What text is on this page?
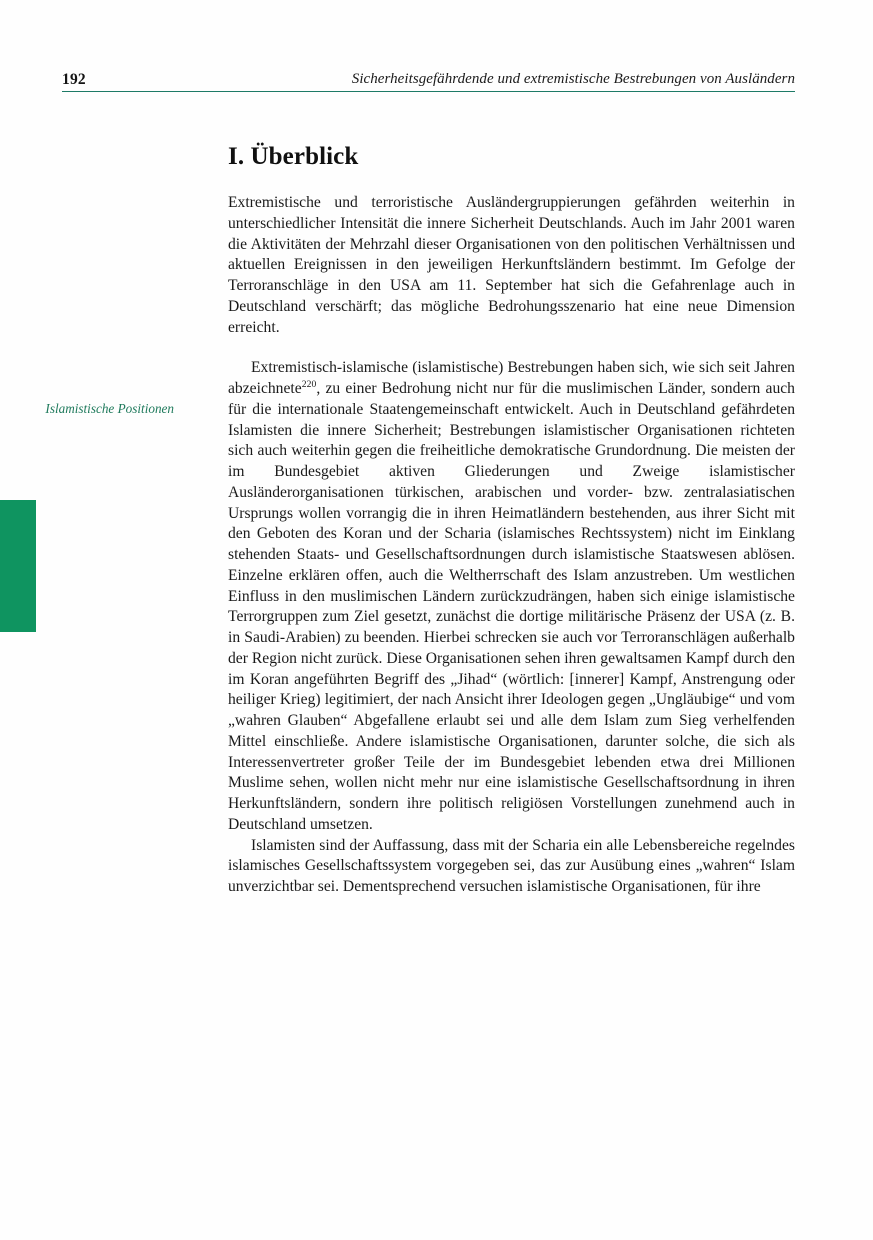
192	Sicherheitsgefährdende und extremistische Bestrebungen von Ausländern
I. Überblick
Islamistische Positionen

Extremistische und terroristische Ausländergruppierungen gefährden weiterhin in unterschiedlicher Intensität die innere Sicherheit Deutschlands. Auch im Jahr 2001 waren die Aktivitäten der Mehrzahl dieser Organisationen von den politischen Verhältnissen und aktuellen Ereignissen in den jeweiligen Herkunftsländern bestimmt. Im Gefolge der Terroranschläge in den USA am 11. September hat sich die Gefahrenlage auch in Deutschland verschärft; das mögliche Bedrohungsszenario hat eine neue Dimension erreicht.

Extremistisch-islamische (islamistische) Bestrebungen haben sich, wie sich seit Jahren abzeichnete$^{220}$, zu einer Bedrohung nicht nur für die muslimischen Länder, sondern auch für die internationale Staatengemeinschaft entwickelt. Auch in Deutschland gefährdeten Islamisten die innere Sicherheit; Bestrebungen islamistischer Organisationen richteten sich auch weiterhin gegen die freiheitliche demokratische Grundordnung. Die meisten der im Bundesgebiet aktiven Gliederungen und Zweige islamistischer Ausländerorganisationen türkischen, arabischen und vorder- bzw. zentralasiatischen Ursprungs wollen vorrangig die in ihren Heimatländern bestehenden, aus ihrer Sicht mit den Geboten des Koran und der Scharia (islamisches Rechtssystem) nicht im Einklang stehenden Staats- und Gesellschaftsordnungen durch islamistische Staatswesen ablösen. Einzelne erklären offen, auch die Weltherrschaft des Islam anzustreben. Um westlichen Einfluss in den muslimischen Ländern zurückzudrängen, haben sich einige islamistische Terrorgruppen zum Ziel gesetzt, zunächst die dortige militärische Präsenz der USA (z. B. in Saudi-Arabien) zu beenden. Hierbei schrecken sie auch vor Terroranschlägen außerhalb der Region nicht zurück. Diese Organisationen sehen ihren gewaltsamen Kampf durch den im Koran angeführten Begriff des „Jihad“ (wörtlich: [innerer] Kampf, Anstrengung oder heiliger Krieg) legitimiert, der nach Ansicht ihrer Ideologen gegen „Ungläubige“ und vom „wahren Glauben“ Abgefallene erlaubt sei und alle dem Islam zum Sieg verhelfenden Mittel einschließe. Andere islamistische Organisationen, darunter solche, die sich als Interessenvertreter großer Teile der im Bundesgebiet lebenden etwa drei Millionen Muslime sehen, wollen nicht mehr nur eine islamistische Gesellschaftsordnung in ihren Herkunftsländern, sondern ihre politisch religiösen Vorstellungen zunehmend auch in Deutschland umsetzen.

Islamisten sind der Auffassung, dass mit der Scharia ein alle Lebensbereiche regelndes islamisches Gesellschaftssystem vorgegeben sei, das zur Ausübung eines „wahren“ Islam unverzichtbar sei. Dementsprechend versuchen islamistische Organisationen, für ihre
